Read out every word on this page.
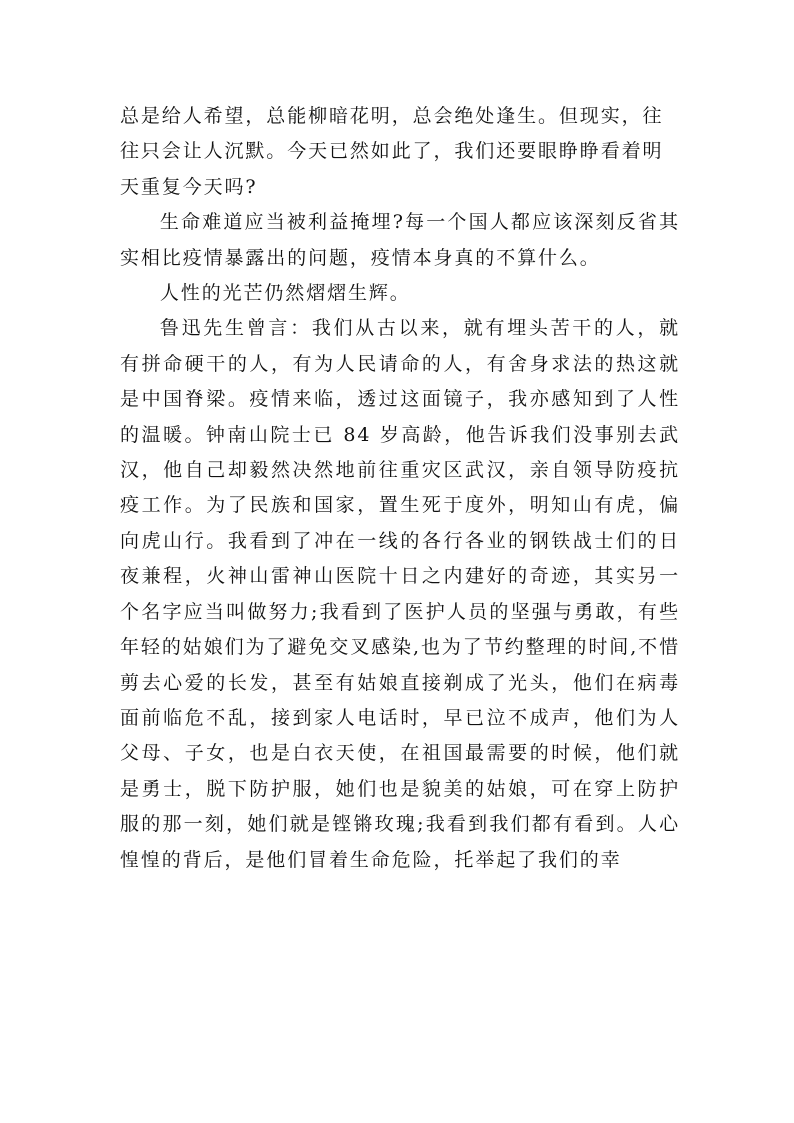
总是给人希望，总能柳暗花明，总会绝处逢生。但现实，往往只会让人沉默。今天已然如此了，我们还要眼睁睁看着明天重复今天吗?

生命难道应当被利益掩埋?每一个国人都应该深刻反省其实相比疫情暴露出的问题，疫情本身真的不算什么。

人性的光芒仍然熠熠生辉。

鲁迅先生曾言：我们从古以来，就有埋头苦干的人，就有拼命硬干的人，有为人民请命的人，有舍身求法的热这就是中国脊梁。疫情来临，透过这面镜子，我亦感知到了人性的温暖。钟南山院士已 84 岁高龄，他告诉我们没事别去武汉，他自己却毅然决然地前往重灾区武汉，亲自领导防疫抗疫工作。为了民族和国家，置生死于度外，明知山有虎，偏向虎山行。我看到了冲在一线的各行各业的钢铁战士们的日夜兼程，火神山雷神山医院十日之内建好的奇迹，其实另一个名字应当叫做努力;我看到了医护人员的坚强与勇敢，有些年轻的姑娘们为了避免交叉感染,也为了节约整理的时间,不惜剪去心爱的长发，甚至有姑娘直接剃成了光头，他们在病毒面前临危不乱，接到家人电话时，早已泣不成声，他们为人父母、子女，也是白衣天使，在祖国最需要的时候，他们就是勇士，脱下防护服，她们也是貌美的姑娘，可在穿上防护服的那一刻，她们就是铿锵玫瑰;我看到我们都有看到。人心惶惶的背后，是他们冒着生命危险，托举起了我们的幸
